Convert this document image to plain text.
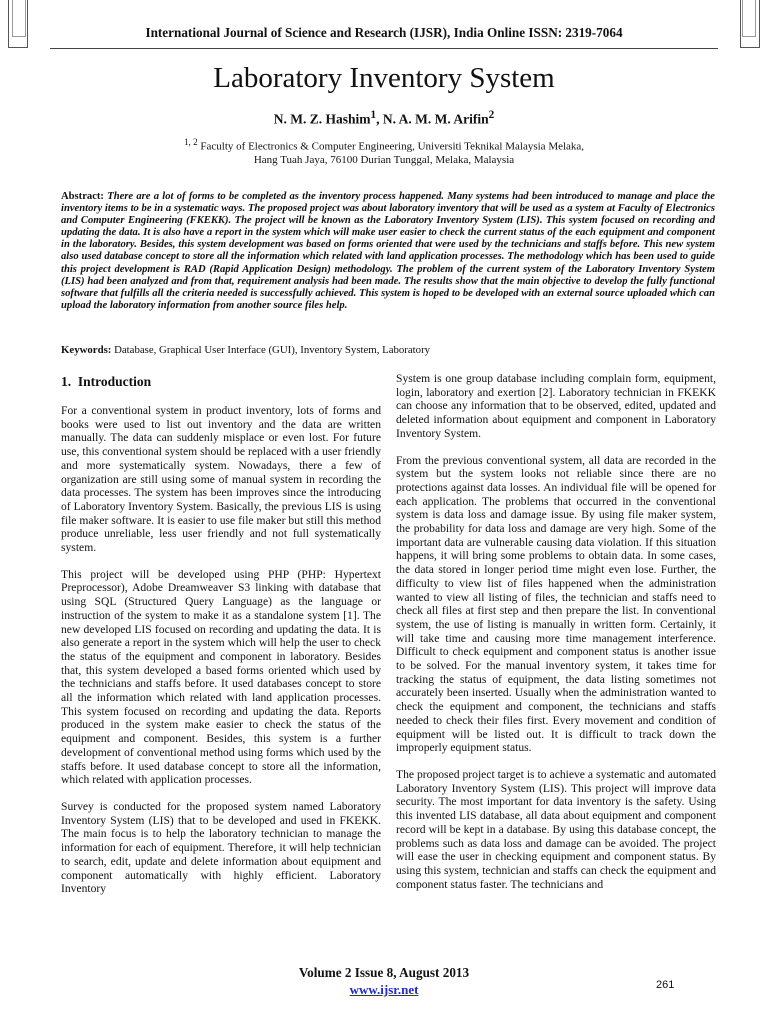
International Journal of Science and Research (IJSR), India Online ISSN: 2319-7064
Laboratory Inventory System
N. M. Z. Hashim$^1$, N. A. M. M. Arifin$^2$
$^{1, 2}$ Faculty of Electronics & Computer Engineering, Universiti Teknikal Malaysia Melaka,
Hang Tuah Jaya, 76100 Durian Tunggal, Melaka, Malaysia
Abstract: There are a lot of forms to be completed as the inventory process happened. Many systems had been introduced to manage and place the inventory items to be in a systematic ways. The proposed project was about laboratory inventory that will be used as a system at Faculty of Electronics and Computer Engineering (FKEKK). The project will be known as the Laboratory Inventory System (LIS). This system focused on recording and updating the data. It is also have a report in the system which will make user easier to check the current status of the each equipment and component in the laboratory. Besides, this system development was based on forms oriented that were used by the technicians and staffs before. This new system also used database concept to store all the information which related with land application processes. The methodology which has been used to guide this project development is RAD (Rapid Application Design) methodology. The problem of the current system of the Laboratory Inventory System (LIS) had been analyzed and from that, requirement analysis had been made. The results show that the main objective to develop the fully functional software that fulfills all the criteria needed is successfully achieved. This system is hoped to be developed with an external source uploaded which can upload the laboratory information from another source files help.
Keywords: Database, Graphical User Interface (GUI), Inventory System, Laboratory
1.  Introduction

For a conventional system in product inventory, lots of forms and books were used to list out inventory and the data are written manually. The data can suddenly misplace or even lost. For future use, this conventional system should be replaced with a user friendly and more systematically system. Nowadays, there a few of organization are still using some of manual system in recording the data processes. The system has been improves since the introducing of Laboratory Inventory System. Basically, the previous LIS is using file maker software. It is easier to use file maker but still this method produce unreliable, less user friendly and not full systematically system.

This project will be developed using PHP (PHP: Hypertext Preprocessor), Adobe Dreamweaver S3 linking with database that using SQL (Structured Query Language) as the language or instruction of the system to make it as a standalone system [1]. The new developed LIS focused on recording and updating the data. It is also generate a report in the system which will help the user to check the status of the equipment and component in laboratory. Besides that, this system developed a based forms oriented which used by the technicians and staffs before. It used databases concept to store all the information which related with land application processes. This system focused on recording and updating the data. Reports produced in the system make easier to check the status of the equipment and component. Besides, this system is a further development of conventional method using forms which used by the staffs before. It used database concept to store all the information, which related with application processes.

Survey is conducted for the proposed system named Laboratory Inventory System (LIS) that to be developed and used in FKEKK. The main focus is to help the laboratory technician to manage the information for each of equipment. Therefore, it will help technician to search, edit, update and delete information about equipment and component automatically with highly efficient. Laboratory Inventory

System is one group database including complain form, equipment, login, laboratory and exertion [2]. Laboratory technician in FKEKK can choose any information that to be observed, edited, updated and deleted information about equipment and component in Laboratory Inventory System.

From the previous conventional system, all data are recorded in the system but the system looks not reliable since there are no protections against data losses. An individual file will be opened for each application. The problems that occurred in the conventional system is data loss and damage issue. By using file maker system, the probability for data loss and damage are very high. Some of the important data are vulnerable causing data violation. If this situation happens, it will bring some problems to obtain data. In some cases, the data stored in longer period time might even lose. Further, the difficulty to view list of files happened when the administration wanted to view all listing of files, the technician and staffs need to check all files at first step and then prepare the list. In conventional system, the use of listing is manually in written form. Certainly, it will take time and causing more time management interference. Difficult to check equipment and component status is another issue to be solved. For the manual inventory system, it takes time for tracking the status of equipment, the data listing sometimes not accurately been inserted. Usually when the administration wanted to check the equipment and component, the technicians and staffs needed to check their files first. Every movement and condition of equipment will be listed out. It is difficult to track down the improperly equipment status.

The proposed project target is to achieve a systematic and automated Laboratory Inventory System (LIS). This project will improve data security. The most important for data inventory is the safety. Using this invented LIS database, all data about equipment and component record will be kept in a database. By using this database concept, the problems such as data loss and damage can be avoided. The project will ease the user in checking equipment and component status. By using this system, technician and staffs can check the equipment and component status faster. The technicians and

Volume 2 Issue 8, August 2013
www.ijsr.net	261
